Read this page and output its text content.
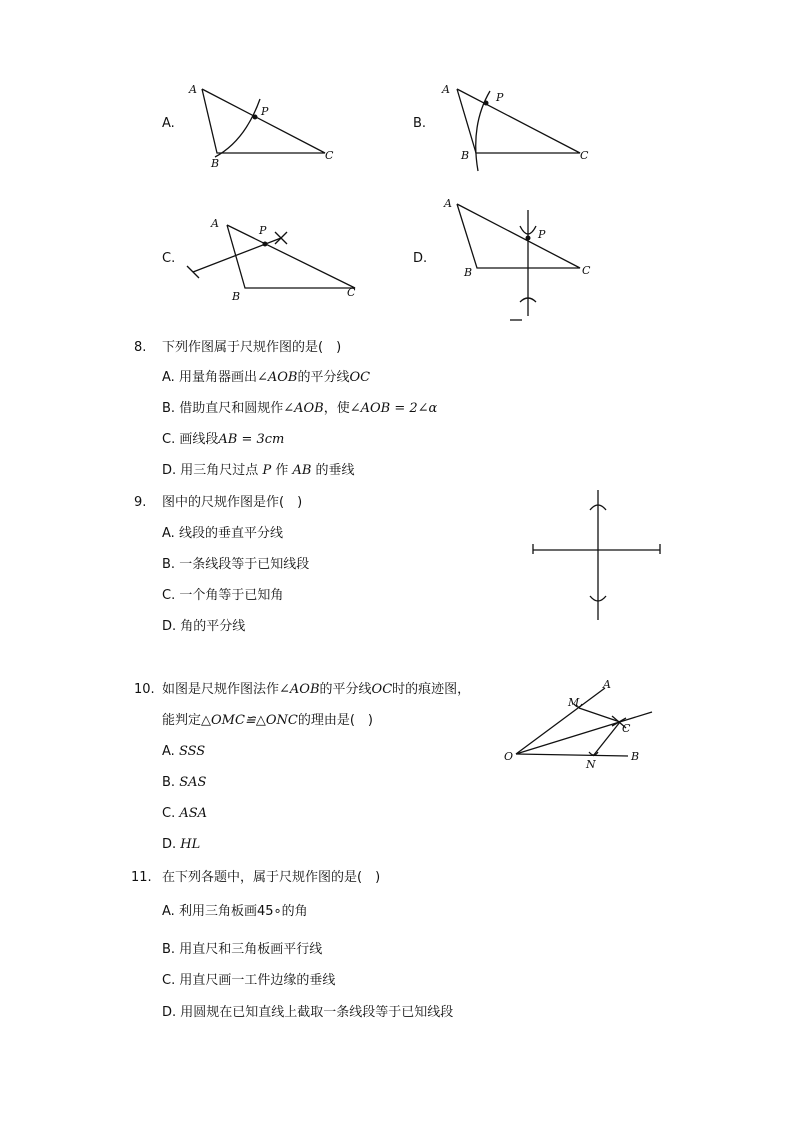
A.
A
B
C
P
B.
A
B	C
P
C.
A
B	C
P
D.
A
B	C
P
8. 下列作图属于尺规作图的是(　)
A. 用量角器画出∠AOB的平分线OC
B. 借助直尺和圆规作∠AOB，使∠AOB = 2∠α
C. 画线段AB = 3cm
D. 用三角尺过点 P 作 AB 的垂线
9. 图中的尺规作图是作(　)
A. 线段的垂直平分线
B. 一条线段等于已知线段
C. 一个角等于已知角
D. 角的平分线
10. 如图是尺规作图法作∠AOB的平分线OC时的痕迹图，
能判定△OMC≌△ONC的理由是(　)
A. SSS
B. SAS
C. ASA
D. HL
O
A
B
C
M
N
11. 在下列各题中，属于尺规作图的是(　)
A. 利用三角板画45∘的角
B. 用直尺和三角板画平行线
C. 用直尺画一工件边缘的垂线
D. 用圆规在已知直线上截取一条线段等于已知线段
